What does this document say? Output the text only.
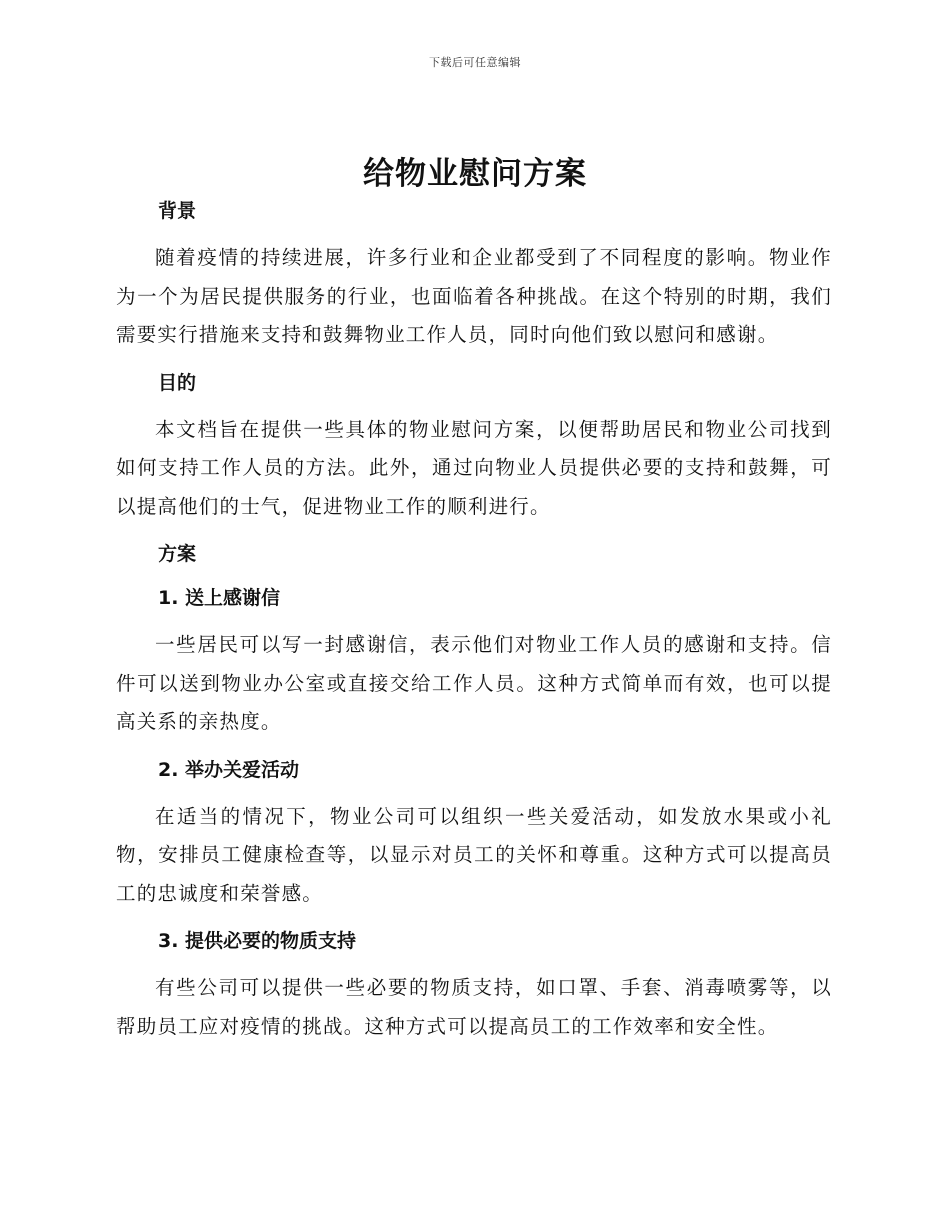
下载后可任意编辑
给物业慰问方案
背景

随着疫情的持续进展，许多行业和企业都受到了不同程度的影响。物业作为一个为居民提供服务的行业，也面临着各种挑战。在这个特别的时期，我们需要实行措施来支持和鼓舞物业工作人员，同时向他们致以慰问和感谢。

目的

本文档旨在提供一些具体的物业慰问方案，以便帮助居民和物业公司找到如何支持工作人员的方法。此外，通过向物业人员提供必要的支持和鼓舞，可以提高他们的士气，促进物业工作的顺利进行。

方案
1. 送上感谢信

一些居民可以写一封感谢信，表示他们对物业工作人员的感谢和支持。信件可以送到物业办公室或直接交给工作人员。这种方式简单而有效，也可以提高关系的亲热度。

2. 举办关爱活动

在适当的情况下，物业公司可以组织一些关爱活动，如发放水果或小礼物，安排员工健康检查等，以显示对员工的关怀和尊重。这种方式可以提高员工的忠诚度和荣誉感。

3. 提供必要的物质支持

有些公司可以提供一些必要的物质支持，如口罩、手套、消毒喷雾等，以帮助员工应对疫情的挑战。这种方式可以提高员工的工作效率和安全性。
